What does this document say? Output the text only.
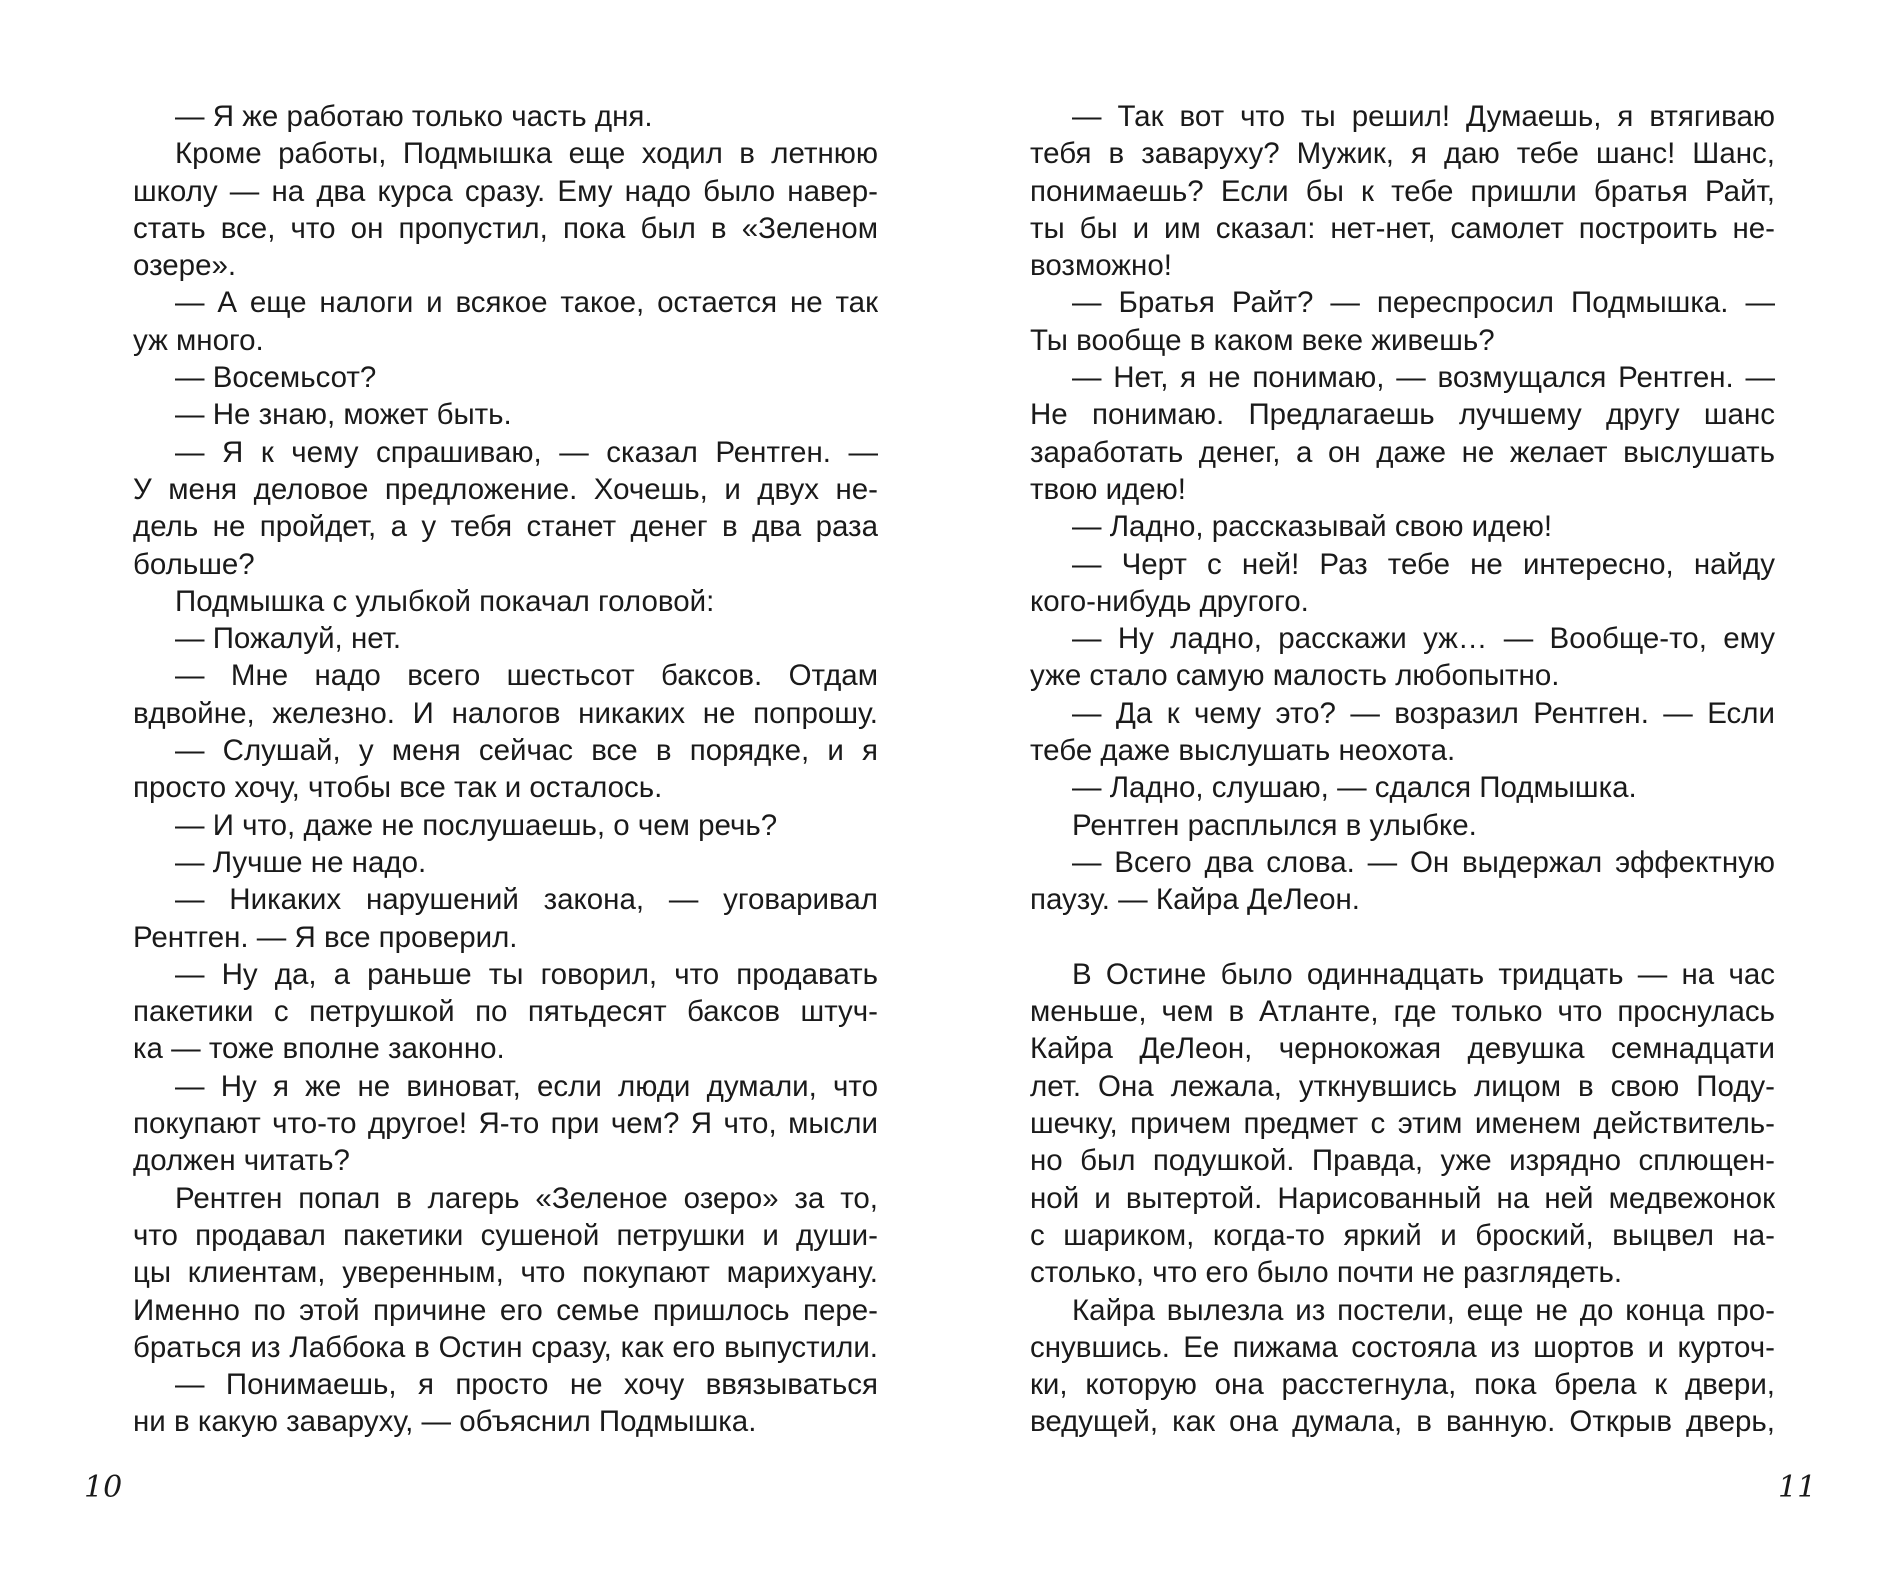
— Я же работаю только часть дня.
Кроме работы, Подмышка еще ходил в летнюю
школу — на два курса сразу. Ему надо было навер-
стать все, что он пропустил, пока был в «Зеленом
озере».
— А еще налоги и всякое такое, остается не так
уж много.
— Восемьсот?
— Не знаю, может быть.
— Я к чему спрашиваю, — сказал Рентген. —
У меня деловое предложение. Хочешь, и двух не-
дель не пройдет, а у тебя станет денег в два раза
больше?
Подмышка с улыбкой покачал головой:
— Пожалуй, нет.
— Мне надо всего шестьсот баксов. Отдам
вдвойне, железно. И налогов никаких не попрошу.
— Слушай, у меня сейчас все в порядке, и я
просто хочу, чтобы все так и осталось.
— И что, даже не послушаешь, о чем речь?
— Лучше не надо.
— Никаких нарушений закона, — уговаривал
Рентген. — Я все проверил.
— Ну да, а раньше ты говорил, что продавать
пакетики с петрушкой по пятьдесят баксов штуч-
ка — тоже вполне законно.
— Ну я же не виноват, если люди думали, что
покупают что-то другое! Я-то при чем? Я что, мысли
должен читать?
Рентген попал в лагерь «Зеленое озеро» за то,
что продавал пакетики сушеной петрушки и души-
цы клиентам, уверенным, что покупают марихуану.
Именно по этой причине его семье пришлось пере-
браться из Лаббока в Остин сразу, как его выпустили.
— Понимаешь, я просто не хочу ввязываться
ни в какую заваруху, — объяснил Подмышка.
— Так вот что ты решил! Думаешь, я втягиваю
тебя в заваруху? Мужик, я даю тебе шанс! Шанс,
понимаешь? Если бы к тебе пришли братья Райт,
ты бы и им сказал: нет-нет, самолет построить не-
возможно!
— Братья Райт? — переспросил Подмышка. —
Ты вообще в каком веке живешь?
— Нет, я не понимаю, — возмущался Рентген. —
Не понимаю. Предлагаешь лучшему другу шанс
заработать денег, а он даже не желает выслушать
твою идею!
— Ладно, рассказывай свою идею!
— Черт с ней! Раз тебе не интересно, найду
кого-нибудь другого.
— Ну ладно, расскажи уж… — Вообще-то, ему
уже стало самую малость любопытно.
— Да к чему это? — возразил Рентген. — Если
тебе даже выслушать неохота.
— Ладно, слушаю, — сдался Подмышка.
Рентген расплылся в улыбке.
— Всего два слова. — Он выдержал эффектную
паузу. — Кайра ДеЛеон.
В Остине было одиннадцать тридцать — на час
меньше, чем в Атланте, где только что проснулась
Кайра ДеЛеон, чернокожая девушка семнадцати
лет. Она лежала, уткнувшись лицом в свою Поду-
шечку, причем предмет с этим именем действитель-
но был подушкой. Правда, уже изрядно сплющен-
ной и вытертой. Нарисованный на ней медвежонок
с шариком, когда-то яркий и броский, выцвел на-
столько, что его было почти не разглядеть.
Кайра вылезла из постели, еще не до конца про-
снувшись. Ее пижама состояла из шортов и курточ-
ки, которую она расстегнула, пока брела к двери,
ведущей, как она думала, в ванную. Открыв дверь,
10	11
